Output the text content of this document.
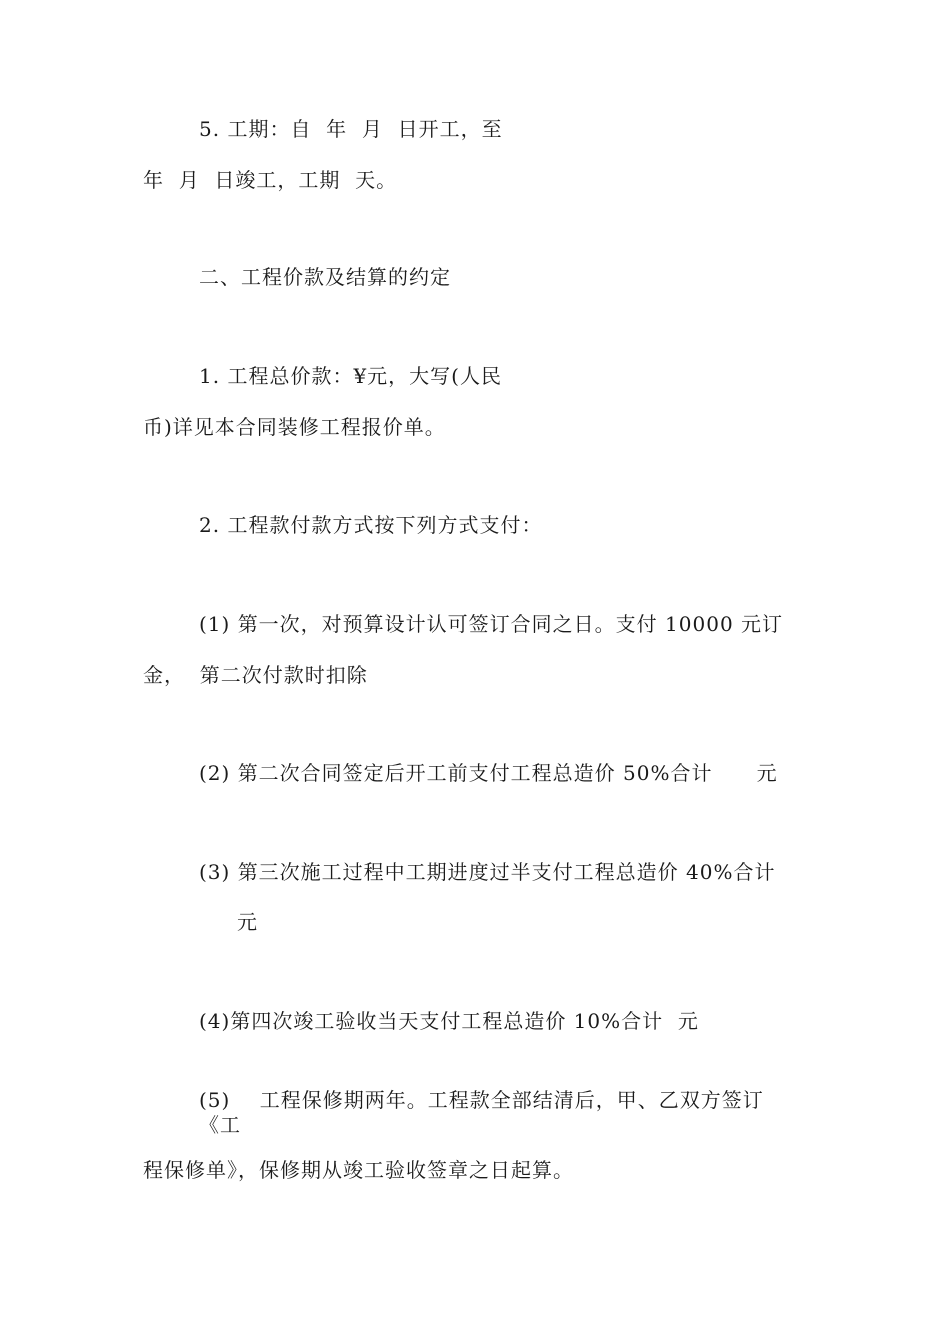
5. 工期：自  年  月  日开工，至
年  月  日竣工，工期  天。
二、工程价款及结算的约定
1. 工程总价款：¥元，大写(人民
币)详见本合同装修工程报价单。
2. 工程款付款方式按下列方式支付：
(1) 第一次，对预算设计认可签订合同之日。支付 10000 元订
金，  第二次付款时扣除
(2) 第二次合同签定后开工前支付工程总造价 50%合计      元
(3) 第三次施工过程中工期进度过半支付工程总造价 40%合计
元
(4)第四次竣工验收当天支付工程总造价 10%合计  元
(5)    工程保修期两年。工程款全部结清后，甲、乙双方签订
《工
程保修单》，保修期从竣工验收签章之日起算。
